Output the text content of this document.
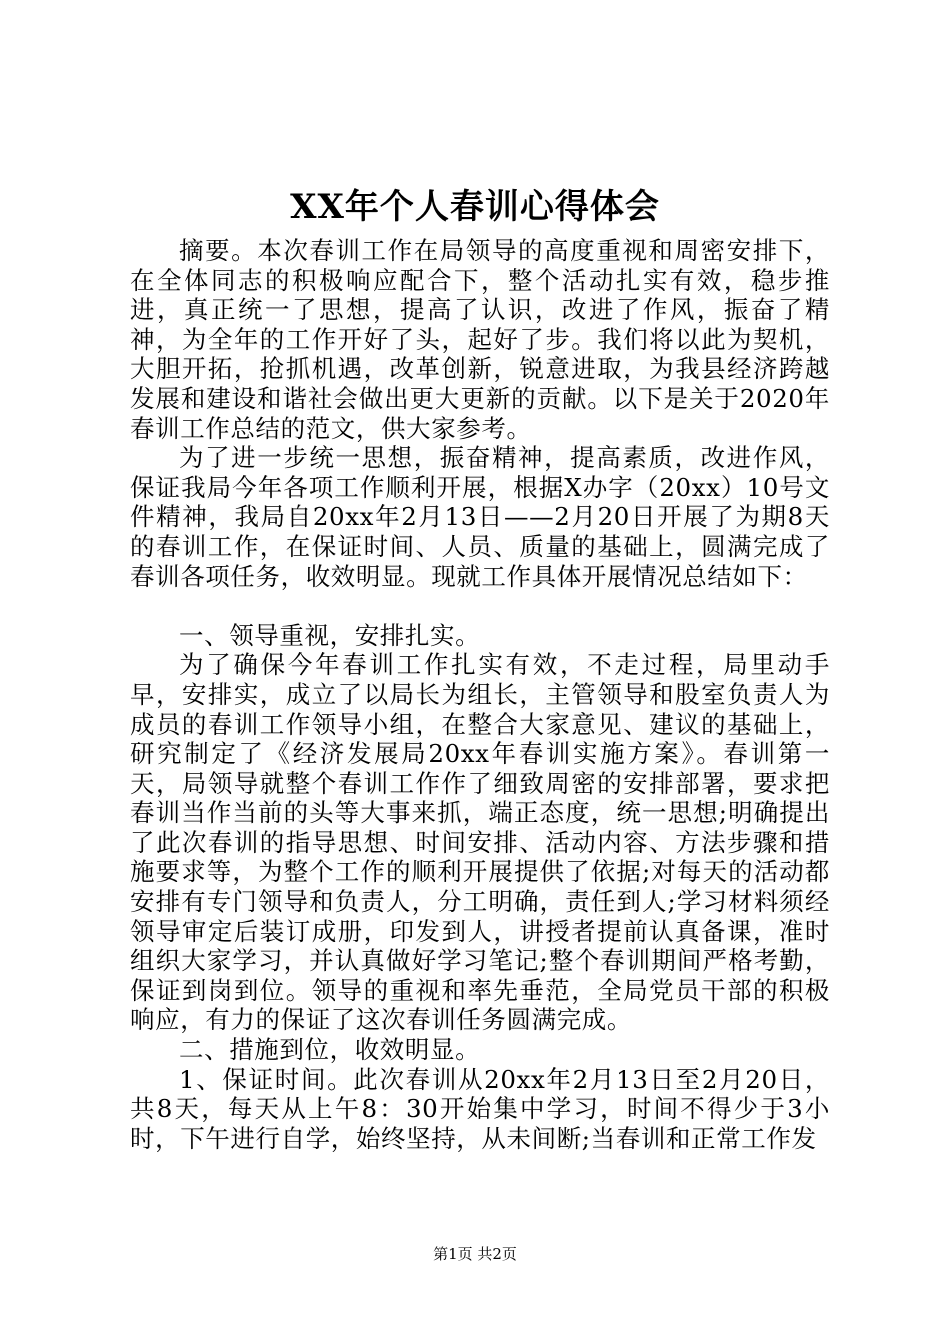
XX年个人春训心得体会

摘要。本次春训工作在局领导的高度重视和周密安排下，在全体同志的积极响应配合下，整个活动扎实有效，稳步推进，真正统一了思想，提高了认识，改进了作风，振奋了精神，为全年的工作开好了头，起好了步。我们将以此为契机，大胆开拓，抢抓机遇，改革创新，锐意进取，为我县经济跨越发展和建设和谐社会做出更大更新的贡献。以下是关于2020年春训工作总结的范文，供大家参考。

为了进一步统一思想，振奋精神，提高素质，改进作风，保证我局今年各项工作顺利开展，根据X办字（20xx）10号文件精神，我局自20xx年2月13日——2月20日开展了为期8天的春训工作，在保证时间、人员、质量的基础上，圆满完成了春训各项任务，收效明显。现就工作具体开展情况总结如下：

一、领导重视，安排扎实。

为了确保今年春训工作扎实有效，不走过程，局里动手早，安排实，成立了以局长为组长，主管领导和股室负责人为成员的春训工作领导小组，在整合大家意见、建议的基础上，研究制定了《经济发展局20xx年春训实施方案》。春训第一天，局领导就整个春训工作作了细致周密的安排部署，要求把春训当作当前的头等大事来抓，端正态度，统一思想;明确提出了此次春训的指导思想、时间安排、活动内容、方法步骤和措施要求等，为整个工作的顺利开展提供了依据;对每天的活动都安排有专门领导和负责人，分工明确，责任到人;学习材料须经领导审定后装订成册，印发到人，讲授者提前认真备课，准时组织大家学习，并认真做好学习笔记;整个春训期间严格考勤，保证到岗到位。领导的重视和率先垂范，全局党员干部的积极响应，有力的保证了这次春训任务圆满完成。

二、措施到位，收效明显。

1、保证时间。此次春训从20xx年2月13日至2月20日，共8天，每天从上午8：30开始集中学习，时间不得少于3小时，下午进行自学，始终坚持，从未间断;当春训和正常工作发

第1页 共2页
